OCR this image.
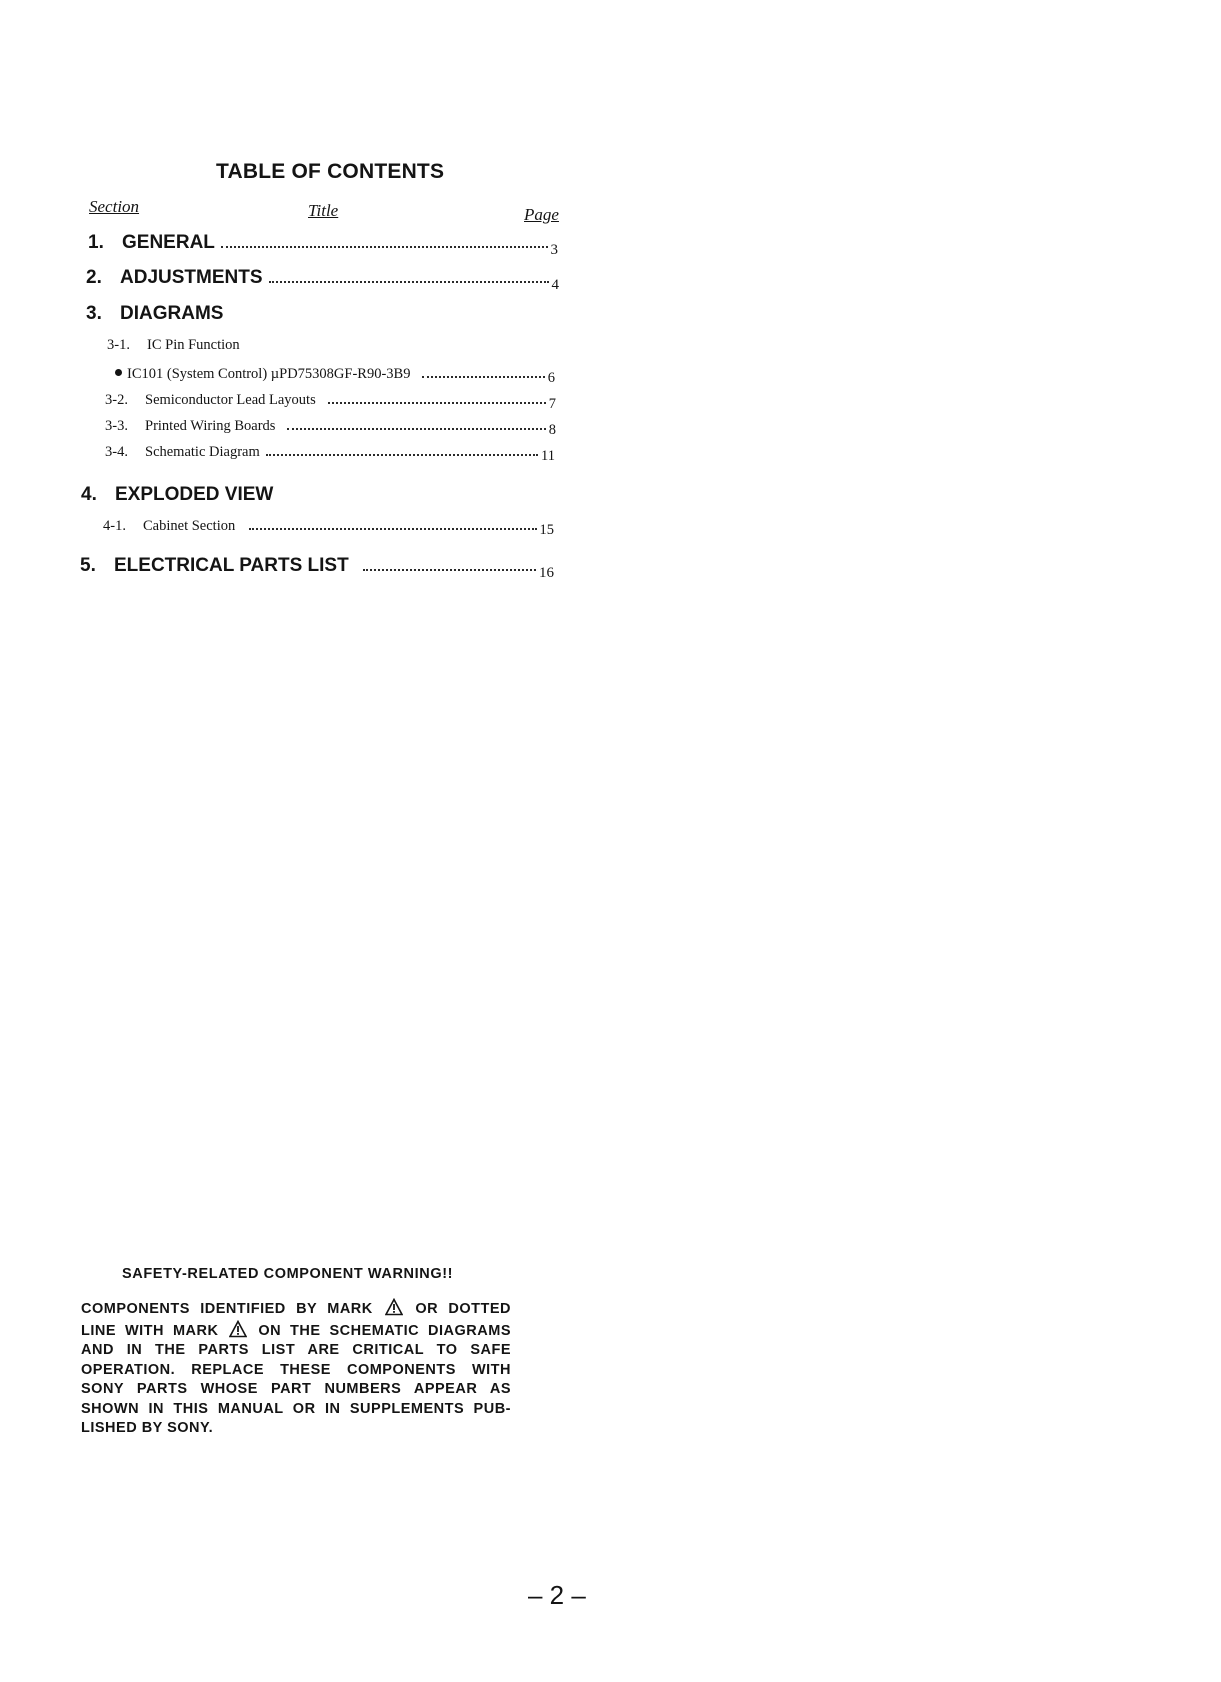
TABLE OF CONTENTS
Section	Title	Page
1. GENERAL	3
2. ADJUSTMENTS	4
3. DIAGRAMS
3-1.	IC Pin Function
IC101 (System Control) µPD75308GF-R90-3B9	6
3-2.	Semiconductor Lead Layouts	7
3-3.	Printed Wiring Boards	8
3-4.	Schematic Diagram	11
4. EXPLODED VIEW
4-1.	Cabinet Section	15
5. ELECTRICAL PARTS LIST	16
SAFETY-RELATED COMPONENT WARNING!!
COMPONENTS IDENTIFIED BY MARK	OR DOTTED
LINE WITH MARK	ON THE SCHEMATIC DIAGRAMS
AND IN THE PARTS LIST ARE CRITICAL TO SAFE
OPERATION. REPLACE THESE COMPONENTS WITH
SONY PARTS WHOSE PART NUMBERS APPEAR AS
SHOWN IN THIS MANUAL OR IN SUPPLEMENTS PUB-
LISHED BY SONY.
– 2 –
